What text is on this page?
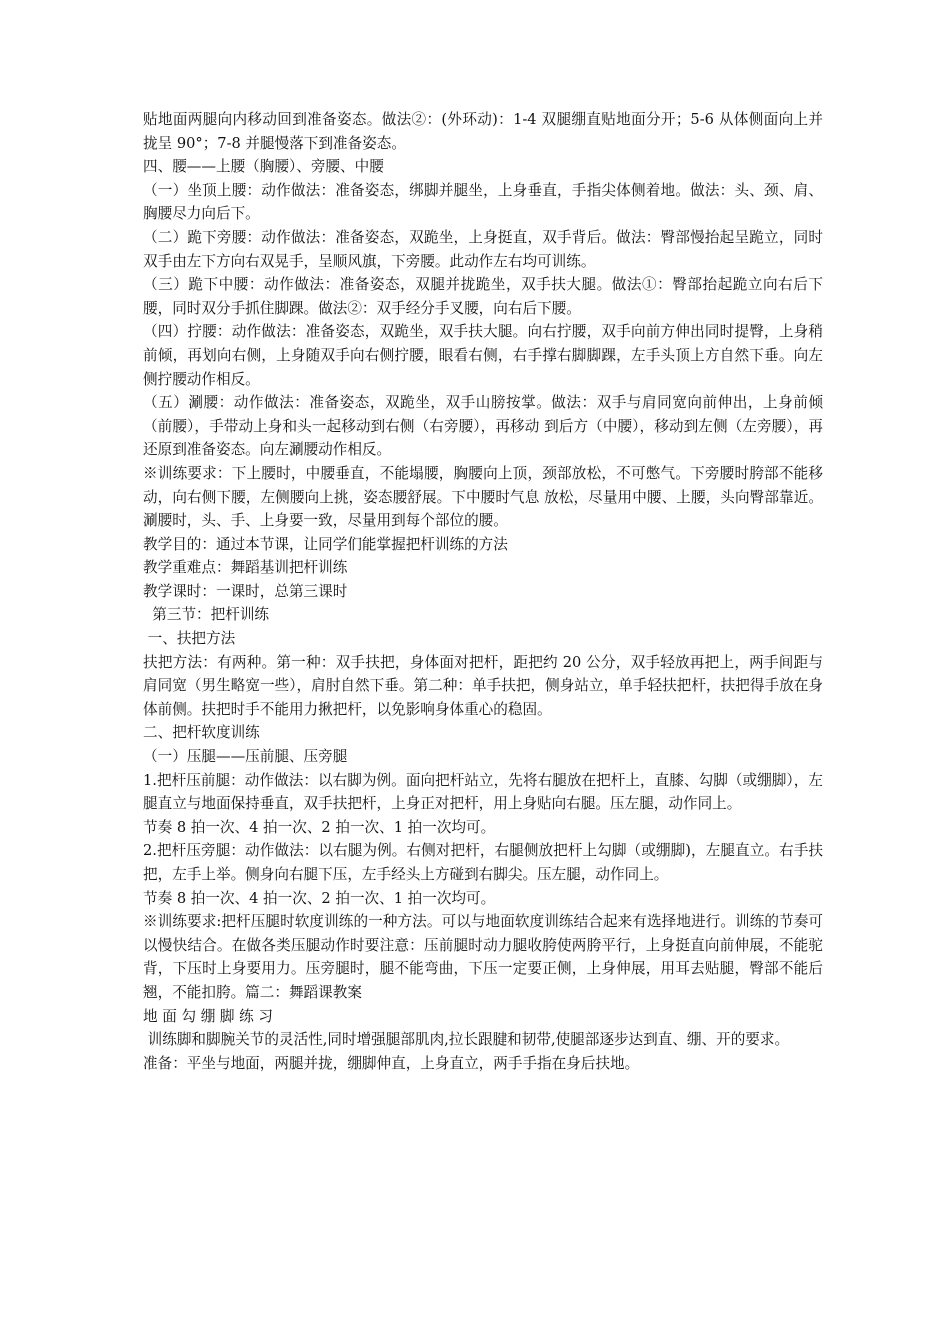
贴地面两腿向内移动回到准备姿态。做法②：(外环动)：1-4 双腿绷直贴地面分开；5-6 从体侧面向上并拢呈 90°；7-8 并腿慢落下到准备姿态。

四、腰——上腰（胸腰）、旁腰、中腰

（一）坐顶上腰：动作做法：准备姿态，绑脚并腿坐，上身垂直，手指尖体侧着地。做法：头、颈、肩、胸腰尽力向后下。

（二）跪下旁腰：动作做法：准备姿态，双跪坐，上身挺直，双手背后。做法：臀部慢抬起呈跪立，同时双手由左下方向右双晃手，呈顺风旗，下旁腰。此动作左右均可训练。

（三）跪下中腰：动作做法：准备姿态，双腿并拢跪坐，双手扶大腿。做法①：臀部抬起跪立向右后下腰，同时双分手抓住脚踝。做法②：双手经分手叉腰，向右后下腰。

（四）拧腰：动作做法：准备姿态，双跪坐，双手扶大腿。向右拧腰，双手向前方伸出同时提臀，上身稍前倾，再划向右侧，上身随双手向右侧拧腰，眼看右侧，右手撑右脚脚踝，左手头顶上方自然下垂。向左侧拧腰动作相反。

（五）涮腰：动作做法：准备姿态，双跪坐，双手山膀按掌。做法：双手与肩同宽向前伸出，上身前倾（前腰），手带动上身和头一起移动到右侧（右旁腰），再移动 到后方（中腰），移动到左侧（左旁腰），再还原到准备姿态。向左涮腰动作相反。

※训练要求：下上腰时，中腰垂直，不能塌腰，胸腰向上顶，颈部放松，不可憋气。下旁腰时胯部不能移动，向右侧下腰，左侧腰向上挑，姿态腰舒展。下中腰时气息 放松，尽量用中腰、上腰，头向臀部靠近。涮腰时，头、手、上身要一致，尽量用到每个部位的腰。

教学目的：通过本节课，让同学们能掌握把杆训练的方法

教学重难点：舞蹈基训把杆训练

教学课时：一课时，总第三课时

第三节：把杆训练

一、扶把方法

扶把方法：有两种。第一种：双手扶把，身体面对把杆，距把约 20 公分，双手轻放再把上，两手间距与肩同宽（男生略宽一些），肩肘自然下垂。第二种：单手扶把，侧身站立，单手轻扶把杆，扶把得手放在身体前侧。扶把时手不能用力揪把杆，以免影响身体重心的稳固。

二、把杆软度训练

（一）压腿——压前腿、压旁腿

1.把杆压前腿：动作做法：以右脚为例。面向把杆站立，先将右腿放在把杆上，直膝、勾脚（或绷脚），左腿直立与地面保持垂直，双手扶把杆，上身正对把杆，用上身贴向右腿。压左腿，动作同上。

节奏 8 拍一次、4 拍一次、2 拍一次、1 拍一次均可。

2.把杆压旁腿：动作做法：以右腿为例。右侧对把杆，右腿侧放把杆上勾脚（或绷脚)，左腿直立。右手扶把，左手上举。侧身向右腿下压，左手经头上方碰到右脚尖。压左腿，动作同上。

节奏 8 拍一次、4 拍一次、2 拍一次、1 拍一次均可。

※训练要求:把杆压腿时软度训练的一种方法。可以与地面软度训练结合起来有选择地进行。训练的节奏可以慢快结合。在做各类压腿动作时要注意：压前腿时动力腿收胯使两胯平行，上身挺直向前伸展，不能驼背，下压时上身要用力。压旁腿时，腿不能弯曲，下压一定要正侧，上身伸展，用耳去贴腿，臀部不能后翘，不能扣胯。篇二：舞蹈课教案

地 面 勾 绷 脚 练 习

训练脚和脚腕关节的灵活性,同时增强腿部肌肉,拉长跟腱和韧带,使腿部逐步达到直、绷、开的要求。

准备：平坐与地面，两腿并拢，绷脚伸直，上身直立，两手手指在身后扶地。
